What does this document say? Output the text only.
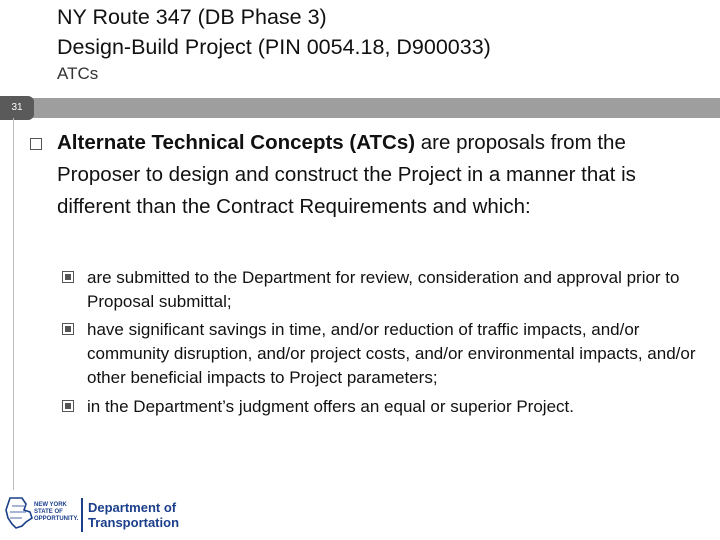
NY Route 347 (DB Phase 3)
Design-Build Project (PIN 0054.18, D900033)
ATCs
31
Alternate Technical Concepts (ATCs) are proposals from the Proposer to design and construct the Project in a manner that is different than the Contract Requirements and which:
are submitted to the Department for review, consideration and approval prior to Proposal submittal;
have significant savings in time, and/or reduction of traffic impacts, and/or community disruption, and/or project costs, and/or environmental impacts, and/or other beneficial impacts to Project parameters;
in the Department’s judgment offers an equal or superior Project.
NEW YORK STATE OF OPPORTUNITY.
Department of
Transportation
